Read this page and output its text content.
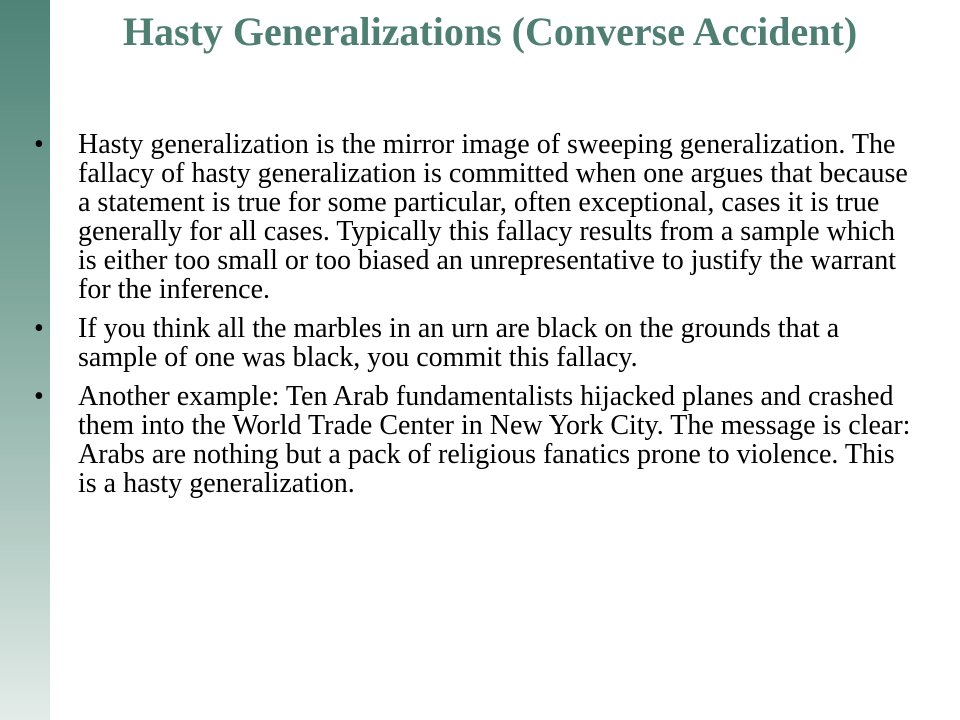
Hasty Generalizations (Converse Accident)
•	Hasty generalization is the mirror image of sweeping generalization. The fallacy of hasty generalization is committed when one argues that because a statement is true for some particular, often exceptional, cases it is true generally for all cases. Typically this fallacy results from a sample which is either too small or too biased an unrepresentative to justify the warrant for the inference.
•	If you think all the marbles in an urn are black on the grounds that a sample of one was black, you commit this fallacy.
•	Another example: Ten Arab fundamentalists hijacked planes and crashed them into the World Trade Center in New York City. The message is clear: Arabs are nothing but a pack of religious fanatics prone to violence. This is a hasty generalization.
